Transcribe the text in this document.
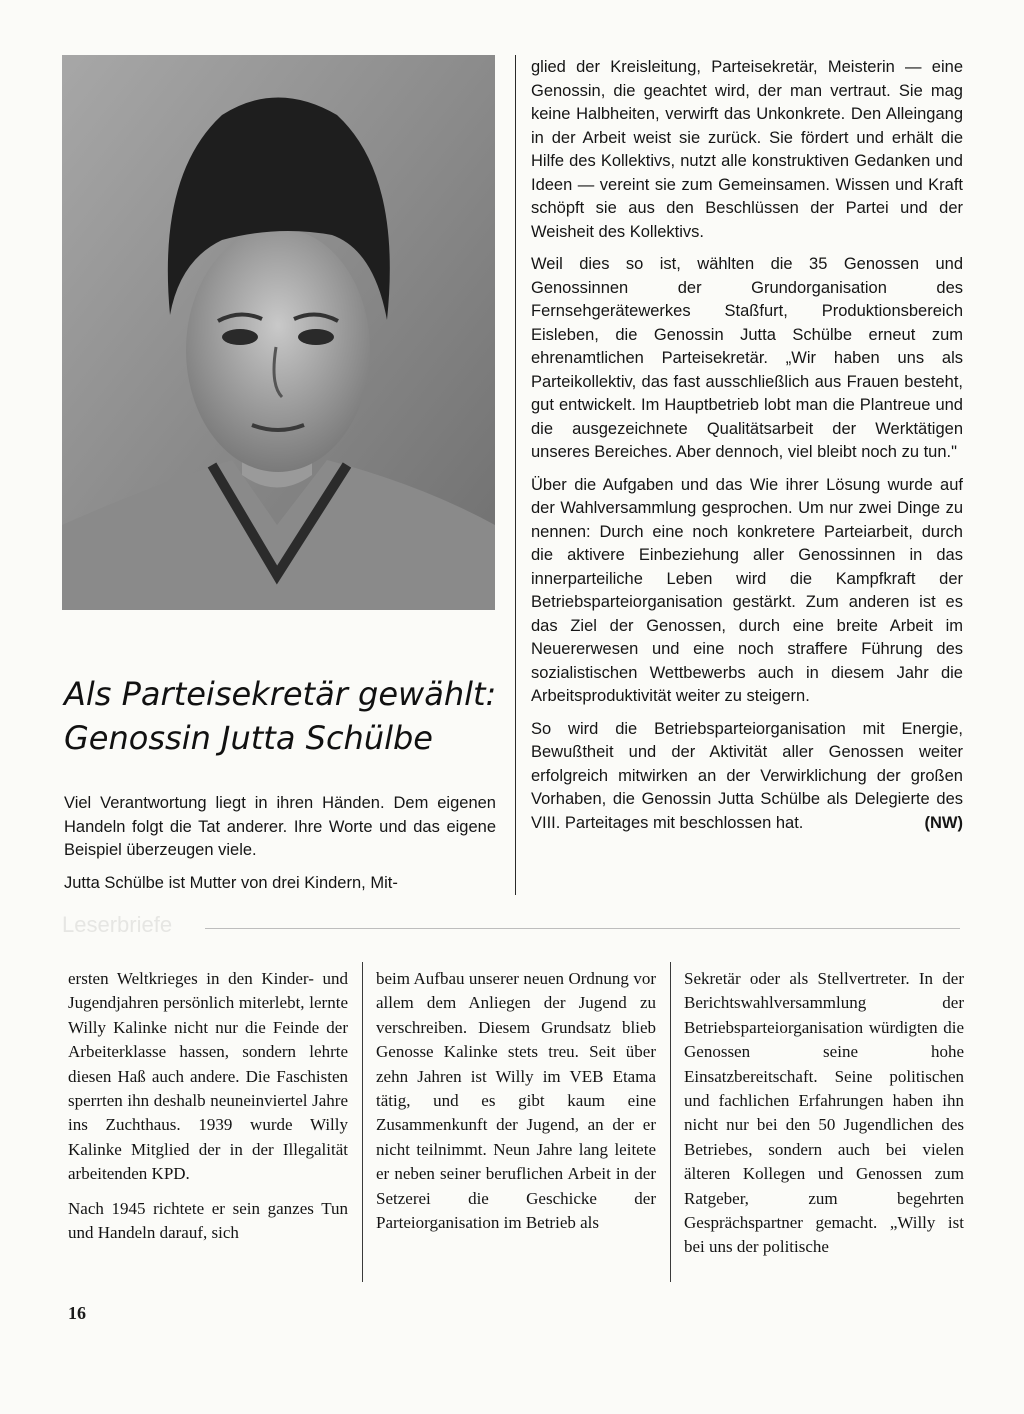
Als Parteisekretär gewählt:
Genossin Jutta Schülbe

Viel Verantwortung liegt in ihren Händen. Dem eigenen Handeln folgt die Tat anderer. Ihre Worte und das eigene Beispiel überzeugen viele.

Jutta Schülbe ist Mutter von drei Kindern, Mit-

glied der Kreisleitung, Parteisekretär, Meisterin — eine Genossin, die geachtet wird, der man vertraut. Sie mag keine Halbheiten, verwirft das Unkonkrete. Den Alleingang in der Arbeit weist sie zurück. Sie fördert und erhält die Hilfe des Kollektivs, nutzt alle konstruktiven Gedanken und Ideen — vereint sie zum Gemeinsamen. Wissen und Kraft schöpft sie aus den Beschlüssen der Partei und der Weisheit des Kollektivs.

Weil dies so ist, wählten die 35 Genossen und Genossinnen der Grundorganisation des Fernsehgerätewerkes Staßfurt, Produktionsbereich Eisleben, die Genossin Jutta Schülbe erneut zum ehrenamtlichen Parteisekretär. „Wir haben uns als Parteikollektiv, das fast ausschließlich aus Frauen besteht, gut entwickelt. Im Hauptbetrieb lobt man die Plantreue und die ausgezeichnete Qualitätsarbeit der Werktätigen unseres Bereiches. Aber dennoch, viel bleibt noch zu tun."

Über die Aufgaben und das Wie ihrer Lösung wurde auf der Wahlversammlung gesprochen. Um nur zwei Dinge zu nennen: Durch eine noch konkretere Parteiarbeit, durch die aktivere Einbeziehung aller Genossinnen in das innerparteiliche Leben wird die Kampfkraft der Betriebsparteiorganisation gestärkt. Zum anderen ist es das Ziel der Genossen, durch eine breite Arbeit im Neuererwesen und eine noch straffere Führung des sozialistischen Wettbewerbs auch in diesem Jahr die Arbeitsproduktivität weiter zu steigern.

So wird die Betriebsparteiorganisation mit Energie, Bewußtheit und der Aktivität aller Genossen weiter erfolgreich mitwirken an der Verwirklichung der großen Vorhaben, die Genossin Jutta Schülbe als Delegierte des VIII. Parteitages mit beschlossen hat.	(NW)

Leserbriefe

ersten Weltkrieges in den Kinder- und Jugendjahren persönlich miterlebt, lernte Willy Kalinke nicht nur die Feinde der Arbeiterklasse hassen, sondern lehrte diesen Haß auch andere. Die Faschisten sperrten ihn deshalb neuneinviertel Jahre ins Zuchthaus. 1939 wurde Willy Kalinke Mitglied der in der Illegalität arbeitenden KPD.

Nach 1945 richtete er sein ganzes Tun und Handeln darauf, sich

beim Aufbau unserer neuen Ordnung vor allem dem Anliegen der Jugend zu verschreiben. Diesem Grundsatz blieb Genosse Kalinke stets treu. Seit über zehn Jahren ist Willy im VEB Etama tätig, und es gibt kaum eine Zusammenkunft der Jugend, an der er nicht teilnimmt. Neun Jahre lang leitete er neben seiner beruflichen Arbeit in der Setzerei die Geschicke der Parteiorganisation im Betrieb als

Sekretär oder als Stellvertreter. In der Berichtswahlversammlung der Betriebsparteiorganisation würdigten die Genossen seine hohe Einsatzbereitschaft. Seine politischen und fachlichen Erfahrungen haben ihn nicht nur bei den 50 Jugendlichen des Betriebes, sondern auch bei vielen älteren Kollegen und Genossen zum Ratgeber, zum begehrten Gesprächspartner gemacht. „Willy ist bei uns der politische

16
